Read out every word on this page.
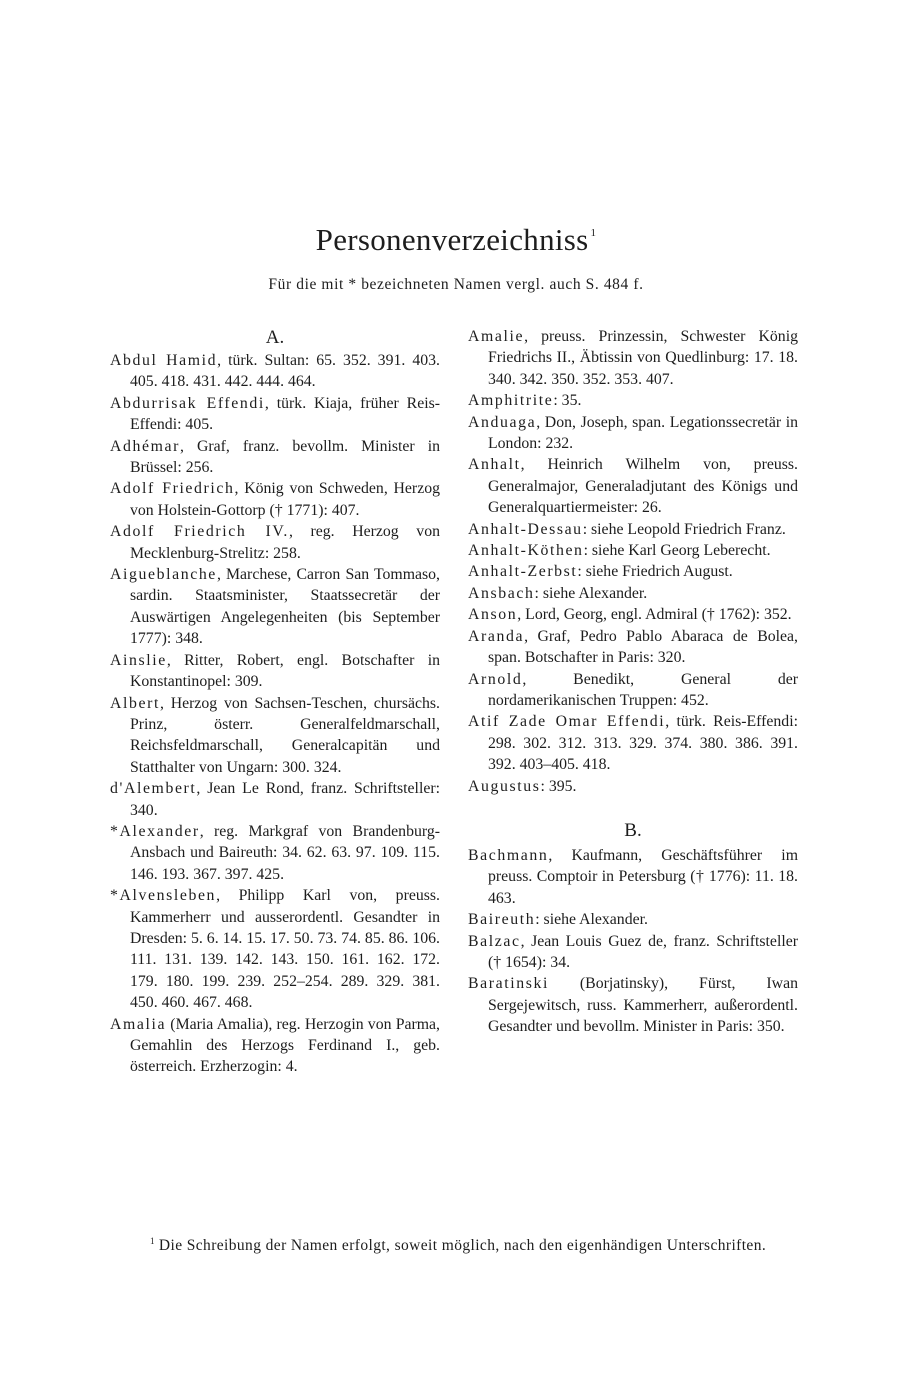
Personenverzeichniss $^1$
Für die mit * bezeichneten Namen vergl. auch S. 484 f.
A.
Abdul Hamid, türk. Sultan: 65. 352. 391. 403. 405. 418. 431. 442. 444. 464.
Abdurrisak Effendi, türk. Kiaja, früher Reis-Effendi: 405.
Adhémar, Graf, franz. bevollm. Minister in Brüssel: 256.
Adolf Friedrich, König von Schweden, Herzog von Holstein-Gottorp († 1771): 407.
Adolf Friedrich IV., reg. Herzog von Mecklenburg-Strelitz: 258.
Aigueblanche, Marchese, Carron San Tommaso, sardin. Staatsminister, Staatssecretär der Auswärtigen Angelegenheiten (bis September 1777): 348.
Ainslie, Ritter, Robert, engl. Botschafter in Konstantinopel: 309.
Albert, Herzog von Sachsen-Teschen, chursächs. Prinz, österr. Generalfeldmarschall, Reichsfeldmarschall, Generalcapitän und Statthalter von Ungarn: 300. 324.
d'Alembert, Jean Le Rond, franz. Schriftsteller: 340.
*Alexander, reg. Markgraf von Brandenburg-Ansbach und Baireuth: 34. 62. 63. 97. 109. 115. 146. 193. 367. 397. 425.
*Alvensleben, Philipp Karl von, preuss. Kammerherr und ausserordentl. Gesandter in Dresden: 5. 6. 14. 15. 17. 50. 73. 74. 85. 86. 106. 111. 131. 139. 142. 143. 150. 161. 162. 172. 179. 180. 199. 239. 252–254. 289. 329. 381. 450. 460. 467. 468.
Amalia (Maria Amalia), reg. Herzogin von Parma, Gemahlin des Herzogs Ferdinand I., geb. österreich. Erzherzogin: 4.
Amalie, preuss. Prinzessin, Schwester König Friedrichs II., Äbtissin von Quedlinburg: 17. 18. 340. 342. 350. 352. 353. 407.
Amphitrite: 35.
Anduaga, Don, Joseph, span. Legationssecretär in London: 232.
Anhalt, Heinrich Wilhelm von, preuss. Generalmajor, Generaladjutant des Königs und Generalquartiermeister: 26.
Anhalt-Dessau: siehe Leopold Friedrich Franz.
Anhalt-Köthen: siehe Karl Georg Leberecht.
Anhalt-Zerbst: siehe Friedrich August.
Ansbach: siehe Alexander.
Anson, Lord, Georg, engl. Admiral († 1762): 352.
Aranda, Graf, Pedro Pablo Abaraca de Bolea, span. Botschafter in Paris: 320.
Arnold, Benedikt, General der nordamerikanischen Truppen: 452.
Atif Zade Omar Effendi, türk. Reis-Effendi: 298. 302. 312. 313. 329. 374. 380. 386. 391. 392. 403–405. 418.
Augustus: 395.
B.
Bachmann, Kaufmann, Geschäftsführer im preuss. Comptoir in Petersburg († 1776): 11. 18. 463.
Baireuth: siehe Alexander.
Balzac, Jean Louis Guez de, franz. Schriftsteller († 1654): 34.
Baratinski (Borjatinsky), Fürst, Iwan Sergejewitsch, russ. Kammerherr, außerordentl. Gesandter und bevollm. Minister in Paris: 350.
$^1$ Die Schreibung der Namen erfolgt, soweit möglich, nach den eigenhändigen Unterschriften.
